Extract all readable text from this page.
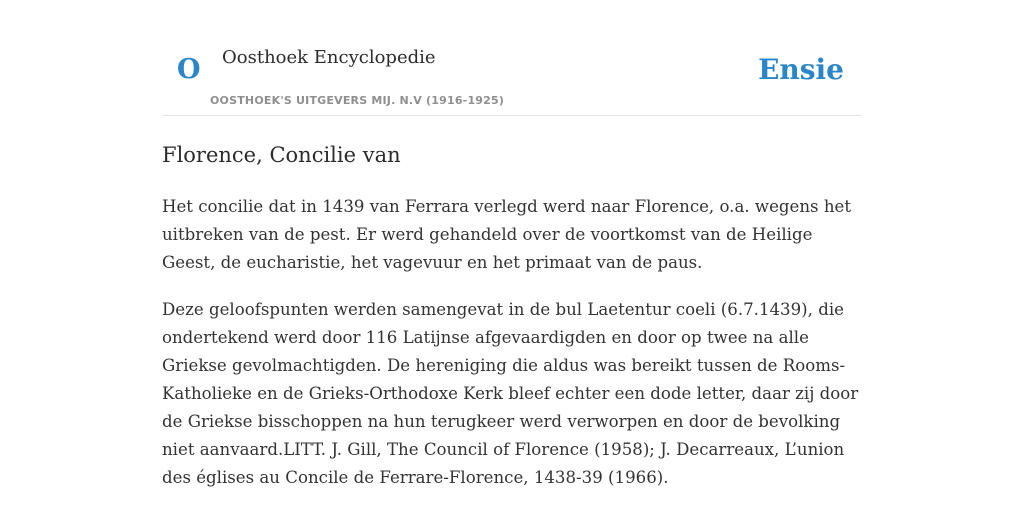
O Oosthoek Encyclopedie
OOSTHOEK'S UITGEVERS MIJ. N.V (1916-1925)
Ensie
Florence, Concilie van

Het concilie dat in 1439 van Ferrara verlegd werd naar Florence, o.a. wegens het uitbreken van de pest. Er werd gehandeld over de voortkomst van de Heilige Geest, de eucharistie, het vagevuur en het primaat van de paus.

Deze geloofspunten werden samengevat in de bul Laetentur coeli (6.7.1439), die ondertekend werd door 116 Latijnse afgevaardigden en door op twee na alle Griekse gevolmachtigden. De hereniging die aldus was bereikt tussen de Rooms-Katholieke en de Grieks-Orthodoxe Kerk bleef echter een dode letter, daar zij door de Griekse bisschoppen na hun terugkeer werd verworpen en door de bevolking niet aanvaard.LITT. J. Gill, The Council of Florence (1958); J. Decarreaux, L’union des églises au Concile de Ferrare-Florence, 1438-39 (1966).
